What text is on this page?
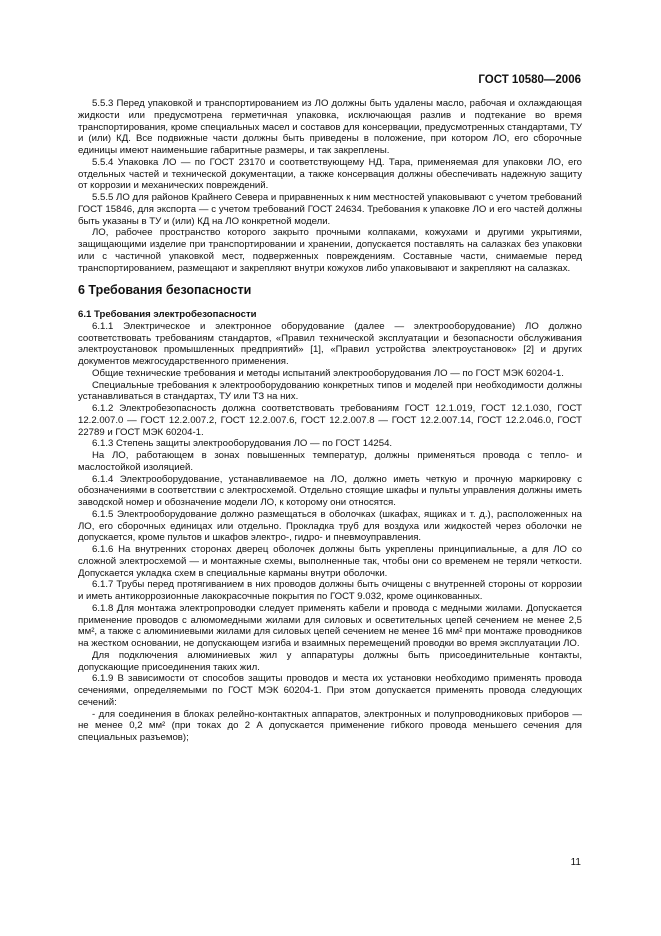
ГОСТ 10580—2006

5.5.3 Перед упаковкой и транспортированием из ЛО должны быть удалены масло, рабочая и охлаждающая жидкости или предусмотрена герметичная упаковка, исключающая разлив и подтекание во время транспортирования, кроме специальных масел и составов для консервации, предусмотренных стандартами, ТУ и (или) КД. Все подвижные части должны быть приведены в положение, при котором ЛО, его сборочные единицы имеют наименьшие габаритные размеры, и так закреплены.

5.5.4 Упаковка ЛО — по ГОСТ 23170 и соответствующему НД. Тара, применяемая для упаковки ЛО, его отдельных частей и технической документации, а также консервация должны обеспечивать надежную защиту от коррозии и механических повреждений.

5.5.5 ЛО для районов Крайнего Севера и приравненных к ним местностей упаковывают с учетом требований ГОСТ 15846, для экспорта — с учетом требований ГОСТ 24634. Требования к упаковке ЛО и его частей должны быть указаны в ТУ и (или) КД на ЛО конкретной модели.

ЛО, рабочее пространство которого закрыто прочными колпаками, кожухами и другими укрытиями, защищающими изделие при транспортировании и хранении, допускается поставлять на салазках без упаковки или с частичной упаковкой мест, подверженных повреждениям. Составные части, снимаемые перед транспортированием, размещают и закрепляют внутри кожухов либо упаковывают и закрепляют на салазках.

6 Требования безопасности

6.1 Требования электробезопасности

6.1.1 Электрическое и электронное оборудование (далее — электрооборудование) ЛО должно соответствовать требованиям стандартов, «Правил технической эксплуатации и безопасности обслуживания электроустановок промышленных предприятий» [1], «Правил устройства электроустановок» [2] и других документов межгосударственного применения.

Общие технические требования и методы испытаний электрооборудования ЛО — по ГОСТ МЭК 60204-1.

Специальные требования к электрооборудованию конкретных типов и моделей при необходимости должны устанавливаться в стандартах, ТУ или ТЗ на них.

6.1.2 Электробезопасность должна соответствовать требованиям ГОСТ 12.1.019, ГОСТ 12.1.030, ГОСТ 12.2.007.0 — ГОСТ 12.2.007.2, ГОСТ 12.2.007.6, ГОСТ 12.2.007.8 — ГОСТ 12.2.007.14, ГОСТ 12.2.046.0, ГОСТ 22789 и ГОСТ МЭК 60204-1.

6.1.3 Степень защиты электрооборудования ЛО — по ГОСТ 14254.

На ЛО, работающем в зонах повышенных температур, должны применяться провода с тепло- и маслостойкой изоляцией.

6.1.4 Электрооборудование, устанавливаемое на ЛО, должно иметь четкую и прочную маркировку с обозначениями в соответствии с электросхемой. Отдельно стоящие шкафы и пульты управления должны иметь заводской номер и обозначение модели ЛО, к которому они относятся.

6.1.5 Электрооборудование должно размещаться в оболочках (шкафах, ящиках и т. д.), расположенных на ЛО, его сборочных единицах или отдельно. Прокладка труб для воздуха или жидкостей через оболочки не допускается, кроме пультов и шкафов электро-, гидро- и пневмоуправления.

6.1.6 На внутренних сторонах дверец оболочек должны быть укреплены принципиальные, а для ЛО со сложной электросхемой — и монтажные схемы, выполненные так, чтобы они со временем не теряли четкости. Допускается укладка схем в специальные карманы внутри оболочки.

6.1.7 Трубы перед протягиванием в них проводов должны быть очищены с внутренней стороны от коррозии и иметь антикоррозионные лакокрасочные покрытия по ГОСТ 9.032, кроме оцинкованных.

6.1.8 Для монтажа электропроводки следует применять кабели и провода с медными жилами. Допускается применение проводов с алюмомедными жилами для силовых и осветительных цепей сечением не менее 2,5 мм², а также с алюминиевыми жилами для силовых цепей сечением не менее 16 мм² при монтаже проводников на жестком основании, не допускающем изгиба и взаимных перемещений проводки во время эксплуатации ЛО.

Для подключения алюминиевых жил у аппаратуры должны быть присоединительные контакты, допускающие присоединения таких жил.

6.1.9 В зависимости от способов защиты проводов и места их установки необходимо применять провода сечениями, определяемыми по ГОСТ МЭК 60204-1. При этом допускается применять провода следующих сечений:

- для соединения в блоках релейно-контактных аппаратов, электронных и полупроводниковых приборов — не менее 0,2 мм² (при токах до 2 А допускается применение гибкого провода меньшего сечения для специальных разъемов);

11
